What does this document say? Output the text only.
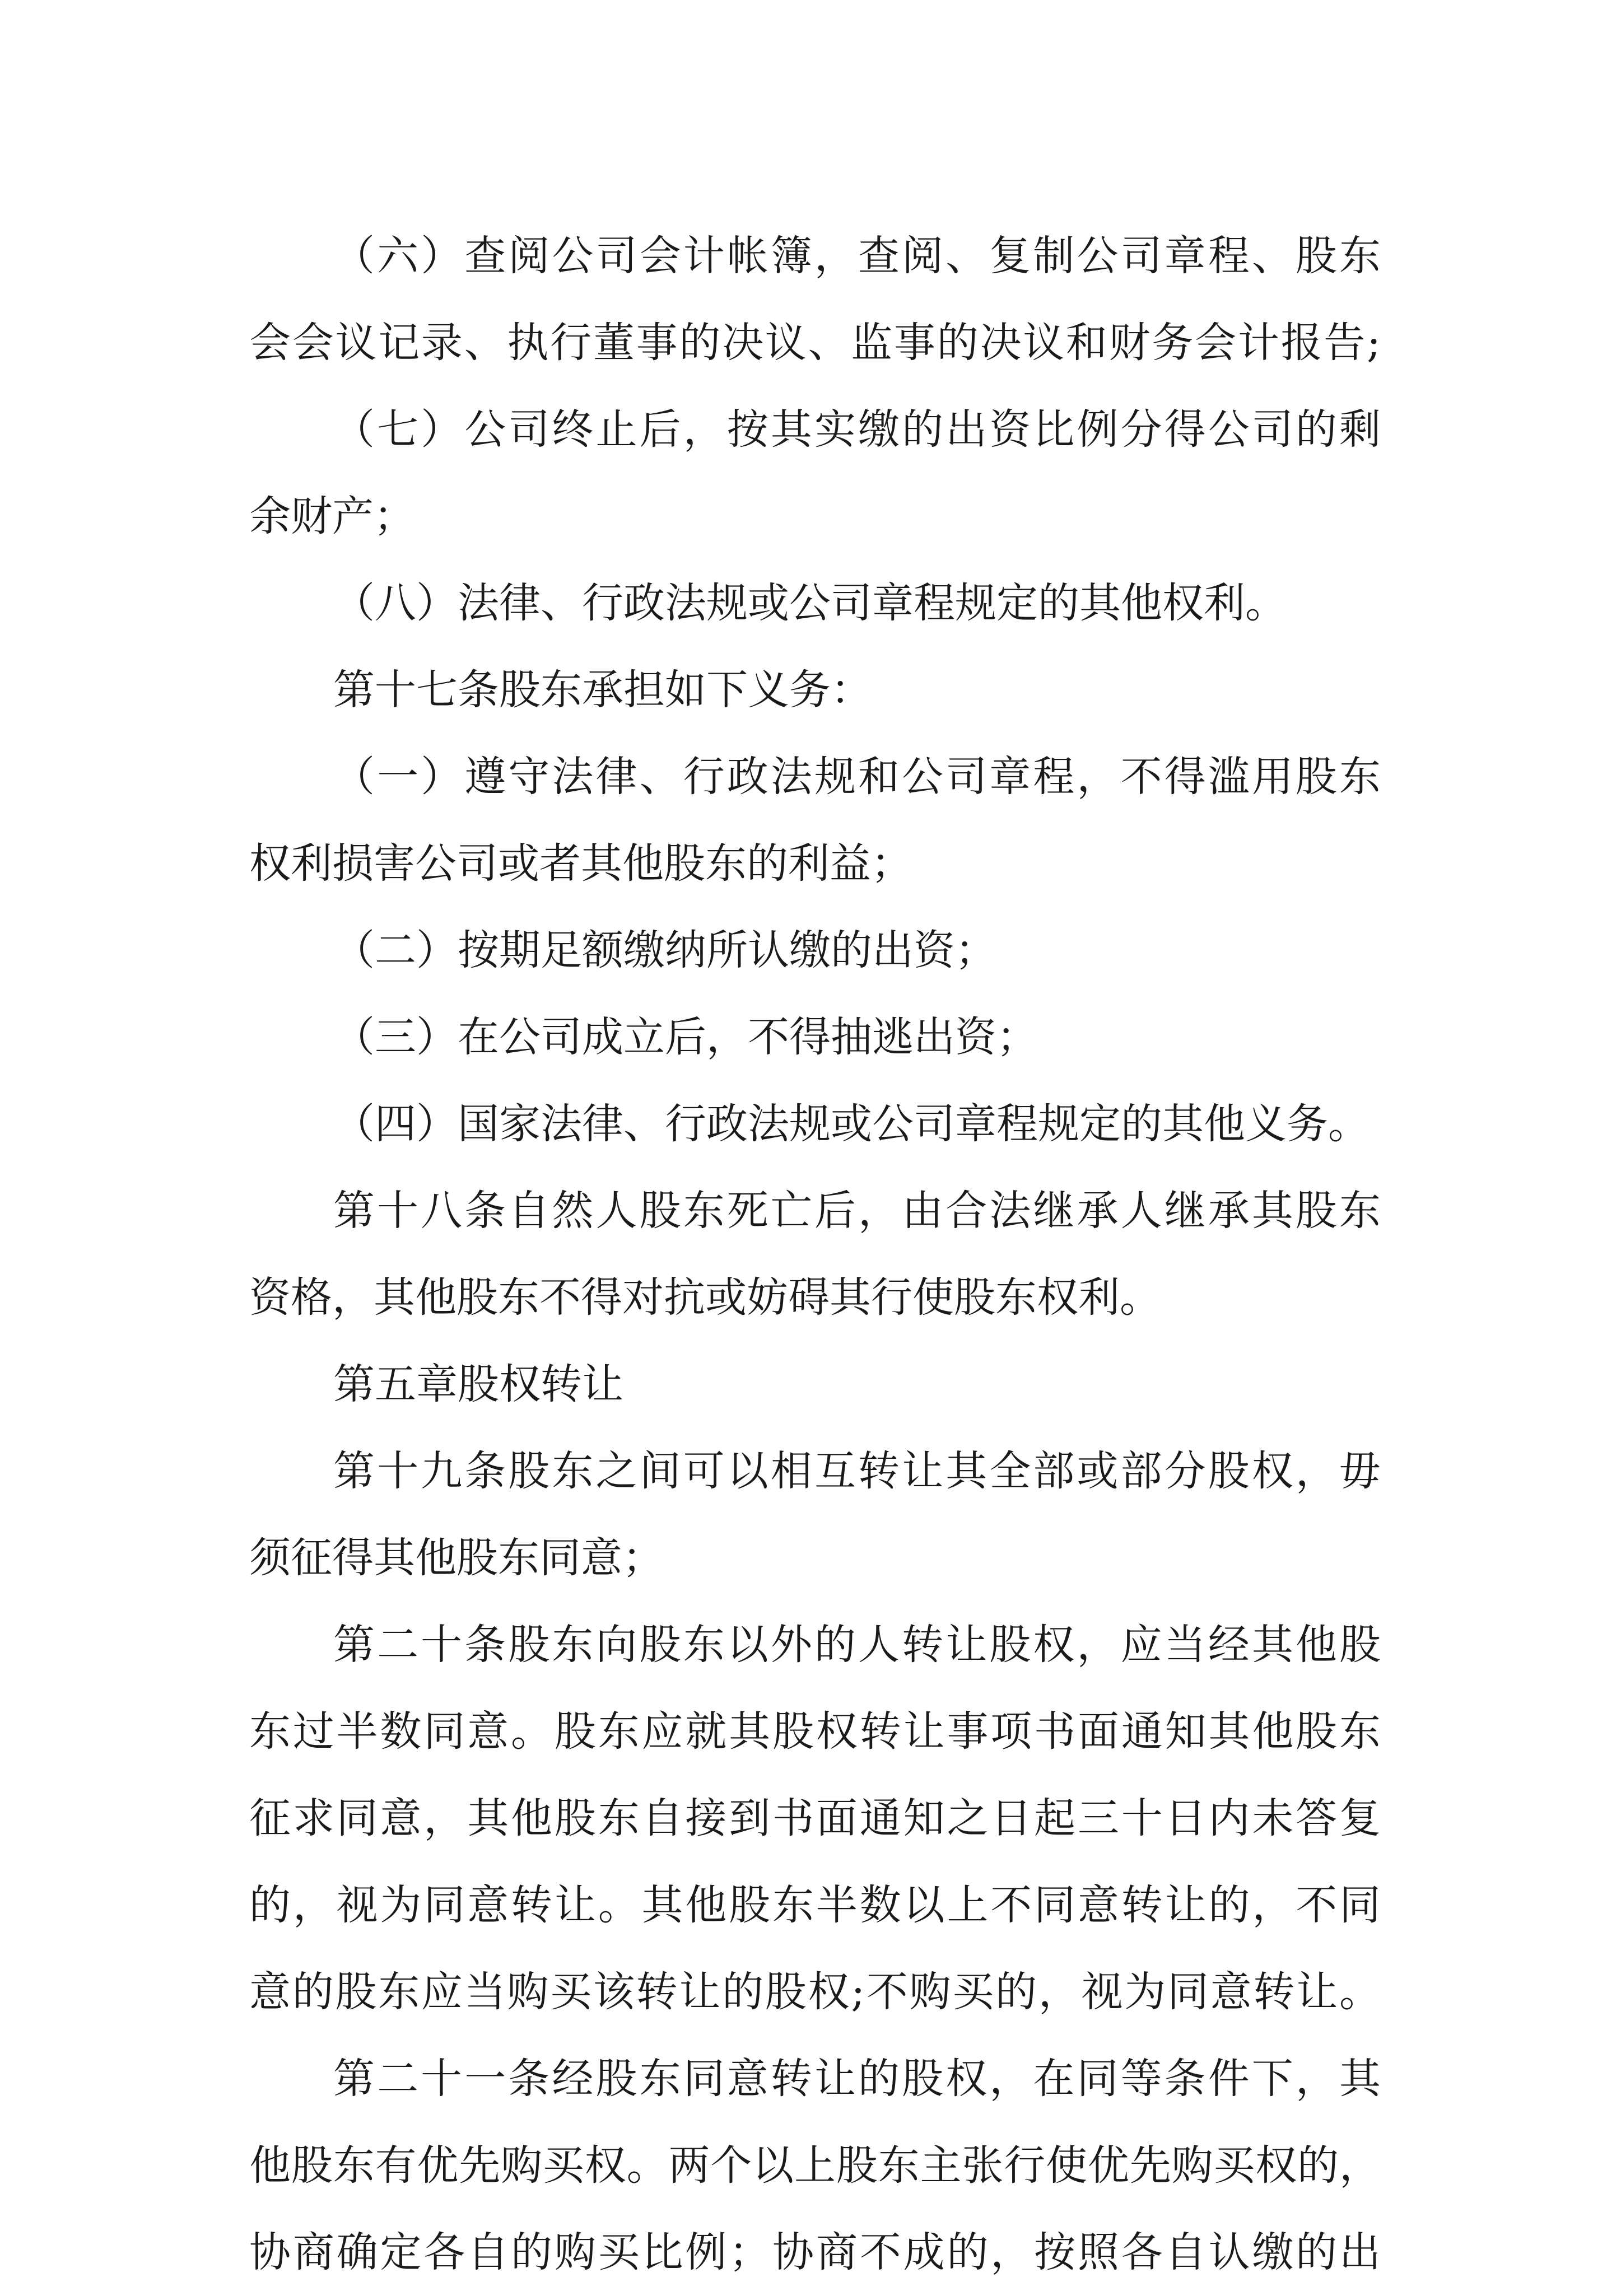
（六）查阅公司会计帐簿，查阅、复制公司章程、股东
会会议记录、执行董事的决议、监事的决议和财务会计报告;
（七）公司终止后，按其实缴的出资比例分得公司的剩
余财产；
（八）法律、行政法规或公司章程规定的其他权利。
第十七条股东承担如下义务：
（一）遵守法律、行政法规和公司章程，不得滥用股东
权利损害公司或者其他股东的利益；
（二）按期足额缴纳所认缴的出资；
（三）在公司成立后，不得抽逃出资；
（四）国家法律、行政法规或公司章程规定的其他义务。
第十八条自然人股东死亡后，由合法继承人继承其股东
资格，其他股东不得对抗或妨碍其行使股东权利。
第五章股权转让
第十九条股东之间可以相互转让其全部或部分股权，毋
须征得其他股东同意；
第二十条股东向股东以外的人转让股权，应当经其他股
东过半数同意。股东应就其股权转让事项书面通知其他股东
征求同意，其他股东自接到书面通知之日起三十日内未答复
的，视为同意转让。其他股东半数以上不同意转让的，不同
意的股东应当购买该转让的股权;不购买的，视为同意转让。
第二十一条经股东同意转让的股权，在同等条件下，其
他股东有优先购买权。两个以上股东主张行使优先购买权的，
协商确定各自的购买比例；协商不成的，按照各自认缴的出
